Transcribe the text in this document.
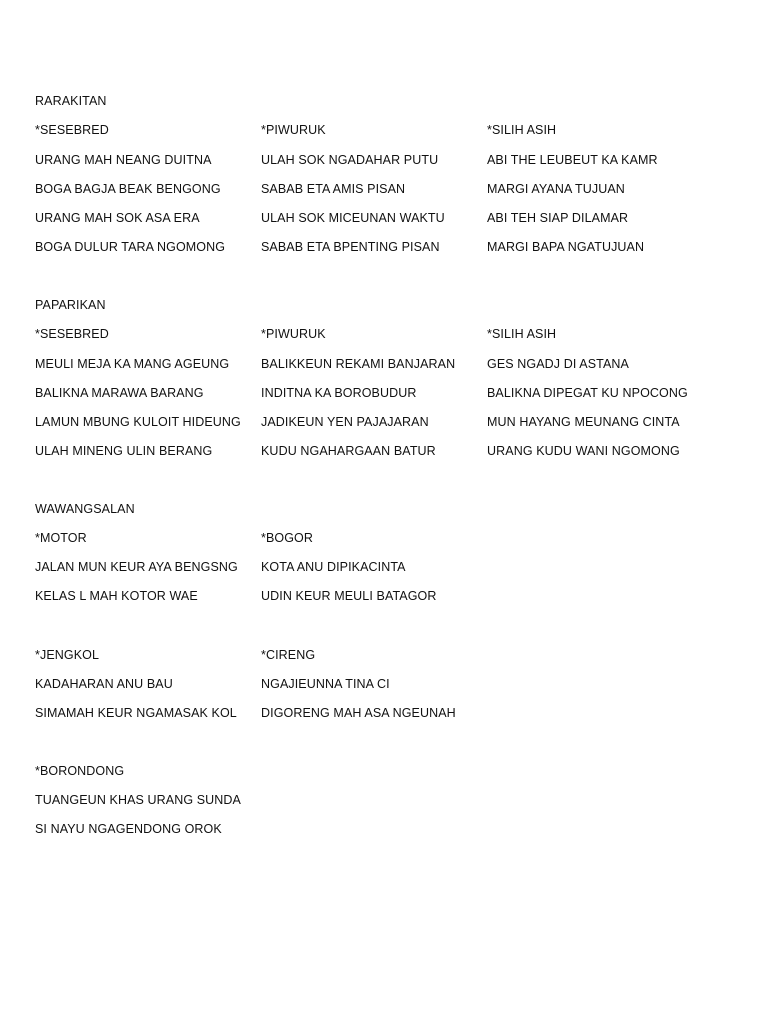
RARAKITAN
*SESEBRED
URANG MAH NEANG DUITNA
BOGA BAGJA BEAK BENGONG
URANG MAH SOK ASA ERA
BOGA DULUR TARA NGOMONG
*PIWURUK
ULAH SOK NGADAHAR PUTU
SABAB ETA AMIS PISAN
ULAH SOK MICEUNAN WAKTU
SABAB ETA BPENTING PISAN
*SILIH ASIH
ABI THE LEUBEUT KA KAMR
MARGI AYANA TUJUAN
ABI TEH SIAP DILAMAR
MARGI BAPA NGATUJUAN
PAPARIKAN
*SESEBRED
MEULI MEJA KA MANG AGEUNG
BALIKNA MARAWA BARANG
LAMUN MBUNG KULOIT HIDEUNG
ULAH MINENG ULIN BERANG
*PIWURUK
BALIKKEUN REKAMI BANJARAN
INDITNA KA BOROBUDUR
JADIKEUN YEN PAJAJARAN
KUDU NGAHARGAAN BATUR
*SILIH ASIH
GES NGADJ DI ASTANA
BALIKNA DIPEGAT KU NPOCONG
MUN HAYANG MEUNANG CINTA
URANG KUDU WANI NGOMONG
WAWANGSALAN
*MOTOR
JALAN MUN KEUR AYA BENGSNG
KELAS L MAH KOTOR WAE
*BOGOR
KOTA ANU DIPIKACINTA
UDIN KEUR MEULI BATAGOR
*JENGKOL
KADAHARAN ANU BAU
SIMAMAH KEUR NGAMASAK KOL
*CIRENG
NGAJIEUNNA TINA CI
DIGORENG MAH ASA NGEUNAH
*BORONDONG
TUANGEUN KHAS URANG SUNDA
SI NAYU NGAGENDONG OROK
